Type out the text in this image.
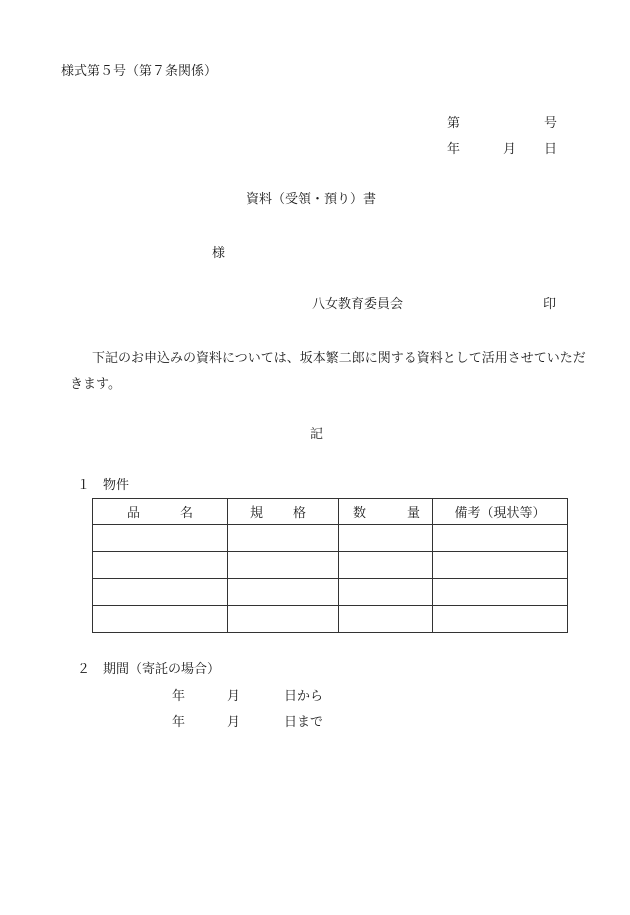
様式第５号（第７条関係）
第	号
年	月 日
資料（受領・預り）書
様
八女教育委員会	印
下記のお申込みの資料については、坂本繁二郎に関する資料として活用させていただきます。
記
１　物件
品 名	規 格	数 量	備考（現状等）

２　期間（寄託の場合）
年	月	日から
年	月	日まで
